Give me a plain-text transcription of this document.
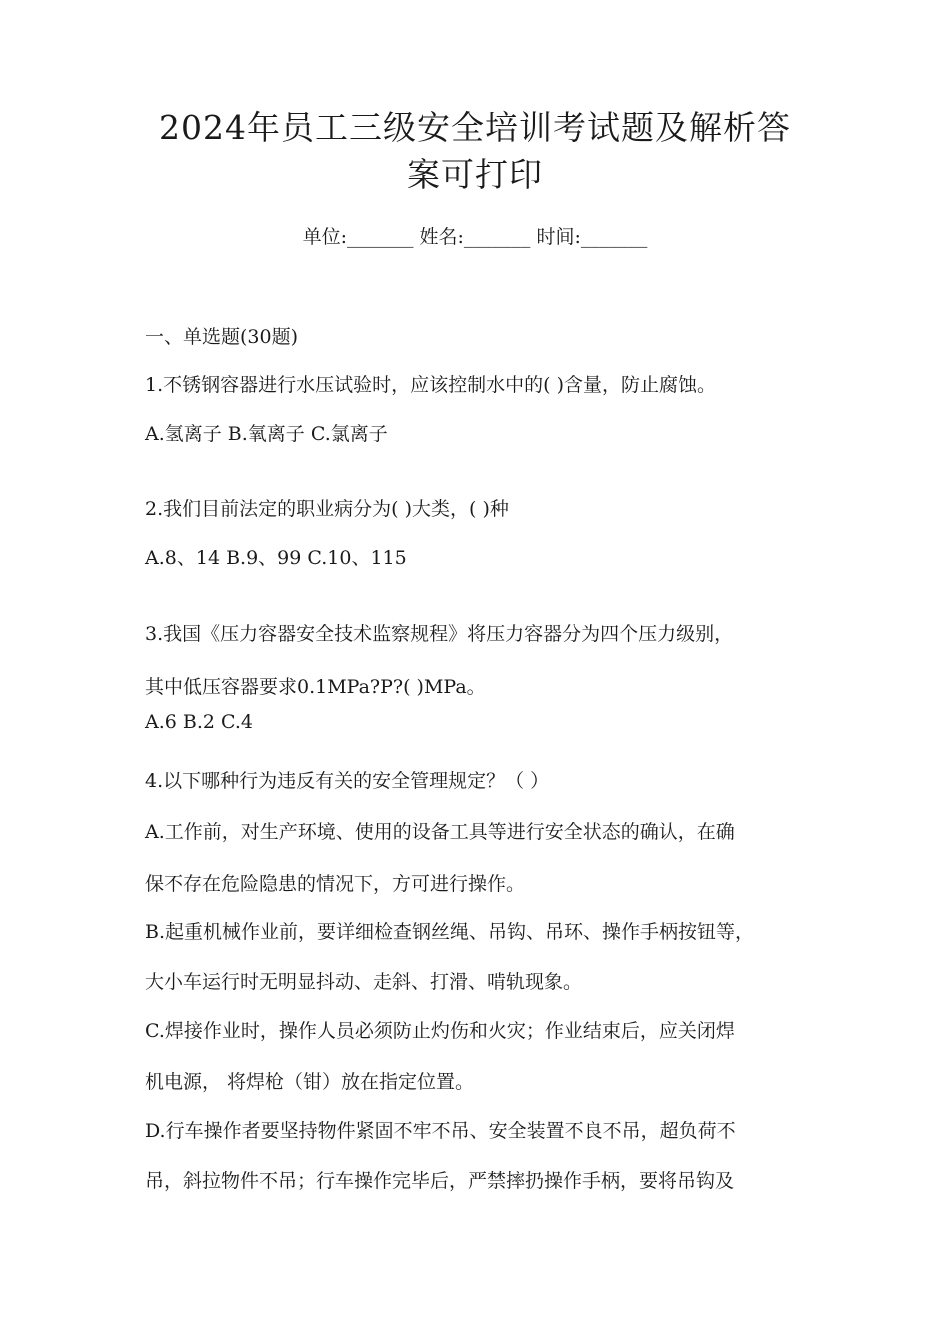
2024年员工三级安全培训考试题及解析答
案可打印
单位:_______ 姓名:_______ 时间:_______
一、单选题(30题)
1.不锈钢容器进行水压试验时，应该控制水中的( )含量，防止腐蚀。
A.氢离子 B.氧离子 C.氯离子
2.我们目前法定的职业病分为( )大类，( )种
A.8、14 B.9、99 C.10、115
3.我国《压力容器安全技术监察规程》将压力容器分为四个压力级别，
其中低压容器要求0.1MPa?P?( )MPa。
A.6 B.2 C.4
4.以下哪种行为违反有关的安全管理规定？（ ）
A.工作前，对生产环境、使用的设备工具等进行安全状态的确认，在确
保不存在危险隐患的情况下，方可进行操作。
B.起重机械作业前，要详细检查钢丝绳、吊钩、吊环、操作手柄按钮等，
大小车运行时无明显抖动、走斜、打滑、啃轨现象。
C.焊接作业时，操作人员必须防止灼伤和火灾；作业结束后，应关闭焊
机电源， 将焊枪（钳）放在指定位置。
D.行车操作者要坚持物件紧固不牢不吊、安全装置不良不吊，超负荷不
吊，斜拉物件不吊；行车操作完毕后，严禁摔扔操作手柄，要将吊钩及
